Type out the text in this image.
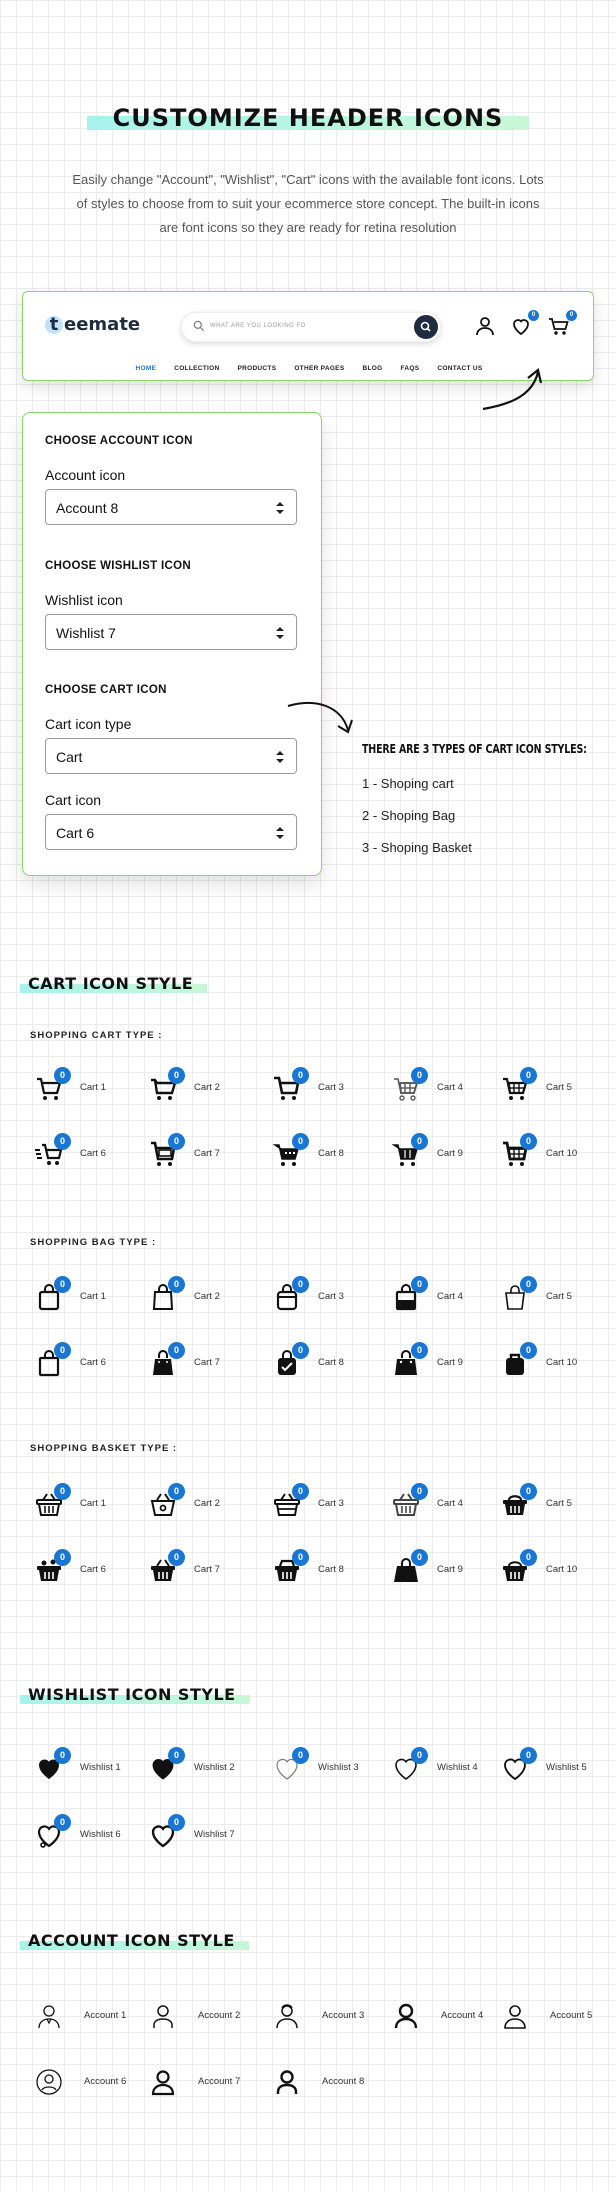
CUSTOMIZE HEADER ICONS
Easily change "Account", "Wishlist", "Cart" icons with the available font icons. Lots of styles to choose from to suit your ecommerce store concept. The built-in icons are font icons so they are ready for retina resolution
t eemate	WHAT ARE YOU LOOKING FO
0	0
HOME	COLLECTION	PRODUCTS	OTHER PAGES	BLOG	FAQS	CONTACT US
CHOOSE ACCOUNT ICON
Account icon
Account 8
CHOOSE WISHLIST ICON
Wishlist icon
Wishlist 7
CHOOSE CART ICON
Cart icon type
Cart
Cart icon
Cart 6
THERE ARE 3 TYPES OF CART ICON STYLES:
1 - Shoping cart
2 - Shoping Bag
3 - Shoping Basket
CART ICON STYLE
SHOPPING CART TYPE :
SHOPPING BAG TYPE :
SHOPPING BASKET TYPE :
0
Cart 1
0
Cart 2
0
Cart 3
0
Cart 4
0
Cart 5
0
Cart 6
0
Cart 7
0
Cart 8
0
Cart 9
0
Cart 10
0
Cart 1
0
Cart 2
0
Cart 3
0
Cart 4
0
Cart 5
0
Cart 6
0
Cart 7
0
Cart 8
0
Cart 9
0
Cart 10
0
Cart 1
0
Cart 2
0
Cart 3
0
Cart 4
0
Cart 5
0
Cart 6
0
Cart 7
0
Cart 8
0
Cart 9
0
Cart 10
0
Wishlist 1
0
Wishlist 2
0
Wishlist 3
0
Wishlist 4
0
Wishlist 5
0
Wishlist 6
0
Wishlist 7
Account 1	Account 2	Account 3	Account 4	Account 5
Account 6	Account 7	Account 8
WISHLIST ICON STYLE
ACCOUNT ICON STYLE
